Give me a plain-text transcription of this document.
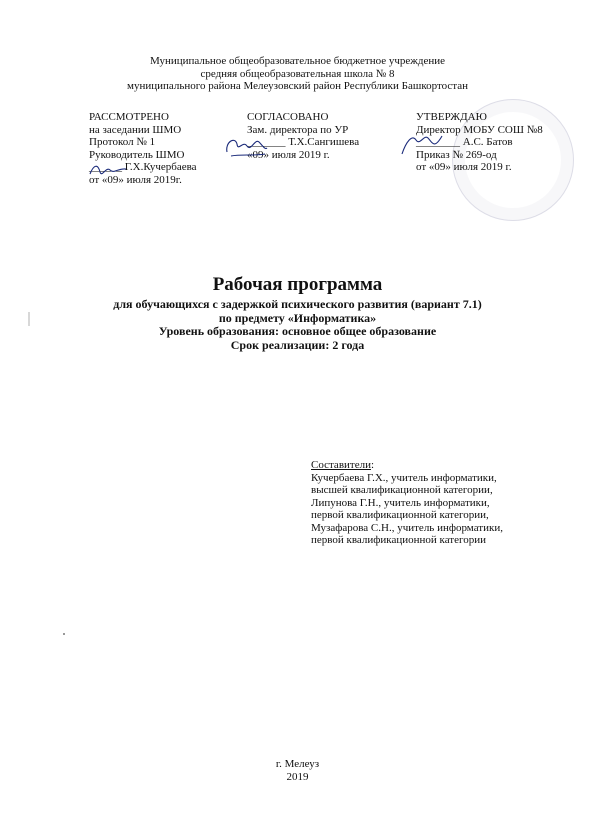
Муниципальное общеобразовательное бюджетное учреждение
средняя общеобразовательная школа № 8
муниципального района Мелеузовский район Республики Башкортостан
РАССМОТРЕНО
на заседании ШМО
Протокол № 1
Руководитель ШМО
______ Г.Х.Кучербаева
от «09» июля 2019г.
СОГЛАСОВАНО
Зам. директора по УР
_______ Т.Х.Сангишева
«09» июля 2019 г.
УТВЕРЖДАЮ
Директор МОБУ СОШ №8
________ А.С. Батов
Приказ № 269-од
от «09» июля 2019 г.
Рабочая программа
для обучающихся с задержкой психического развития (вариант 7.1)
по предмету «Информатика»
Уровень образования: основное общее образование
Срок реализации: 2 года
Составители:
Кучербаева Г.Х., учитель информатики,
высшей квалификационной категории,
Липунова Г.Н., учитель информатики,
первой квалификационной категории,
Музафарова С.Н., учитель информатики,
первой квалификационной категории
г. Мелеуз
2019
